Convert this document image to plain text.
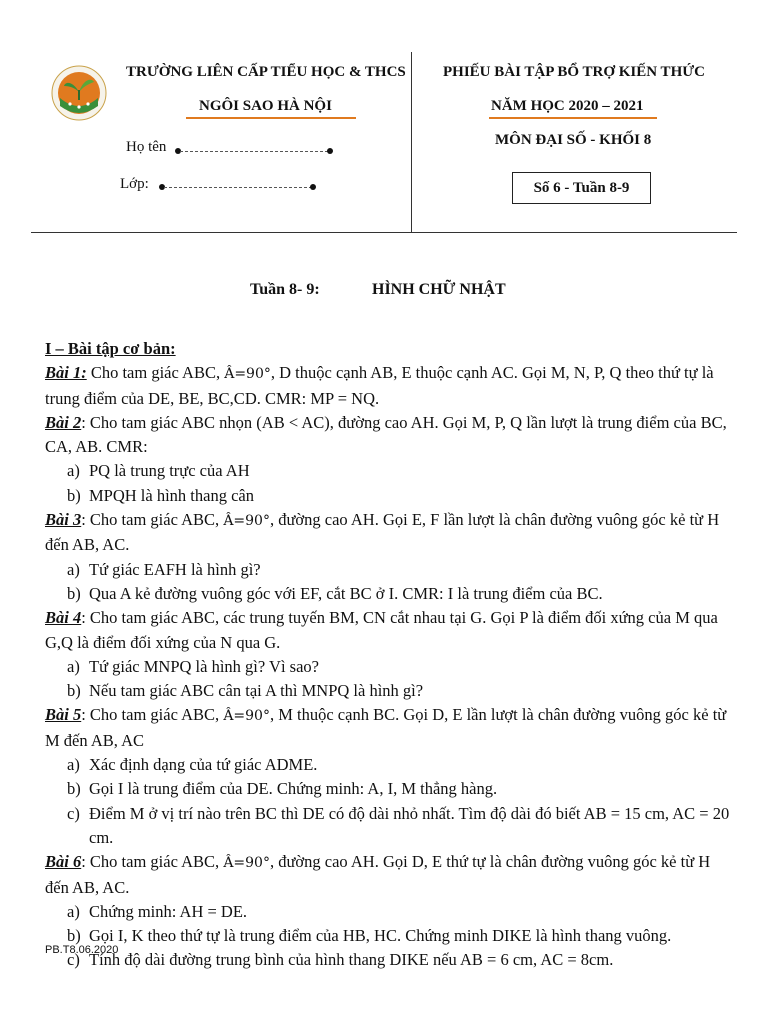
TRƯỜNG LIÊN CẤP TIỂU HỌC & THCS
NGÔI SAO HÀ NỘI
Họ tên
Lớp:
PHIẾU BÀI TẬP BỔ TRỢ KIẾN THỨC
NĂM HỌC 2020 – 2021
MÔN ĐẠI SỐ - KHỐI 8
Số 6 - Tuần 8-9
Tuần 8- 9:	HÌNH CHỮ NHẬT

I – Bài tập cơ bản:

Bài 1: Cho tam giác ABC, Â=90°, D thuộc cạnh AB, E thuộc cạnh AC. Gọi M, N, P, Q theo thứ tự là trung điểm của DE, BE, BC,CD. CMR: MP = NQ.

Bài 2: Cho tam giác ABC nhọn (AB < AC), đường cao AH. Gọi M, P, Q lần lượt là trung điểm của BC, CA, AB. CMR:

a) PQ là trung trực của AH
b) MPQH là hình thang cân

Bài 3: Cho tam giác ABC, Â=90°, đường cao AH. Gọi E, F lần lượt là chân đường vuông góc kẻ từ H đến AB, AC.

a) Tứ giác EAFH là hình gì?
b) Qua A kẻ đường vuông góc với EF, cắt BC ở I. CMR: I là trung điểm của BC.

Bài 4: Cho tam giác ABC, các trung tuyến BM, CN cắt nhau tại G. Gọi P là điểm đối xứng của M qua G,Q là điểm đối xứng của N qua G.

a) Tứ giác MNPQ là hình gì? Vì sao?
b) Nếu tam giác ABC cân tại A thì MNPQ là hình gì?

Bài 5: Cho tam giác ABC, Â=90°, M thuộc cạnh BC. Gọi D, E lần lượt là chân đường vuông góc kẻ từ M đến AB, AC

a) Xác định dạng của tứ giác ADME.
b) Gọi I là trung điểm của DE. Chứng minh: A, I, M thẳng hàng.
c) Điểm M ở vị trí nào trên BC thì DE có độ dài nhỏ nhất. Tìm độ dài đó biết AB = 15 cm, AC = 20 cm.

Bài 6: Cho tam giác ABC, Â=90°, đường cao AH. Gọi D, E thứ tự là chân đường vuông góc kẻ từ H đến AB, AC.

a) Chứng minh: AH = DE.
b) Gọi I, K theo thứ tự là trung điểm của HB, HC. Chứng minh DIKE là hình thang vuông.
c) Tính độ dài đường trung bình của hình thang DIKE nếu AB = 6 cm, AC = 8cm.
PB.T8.06.2020
